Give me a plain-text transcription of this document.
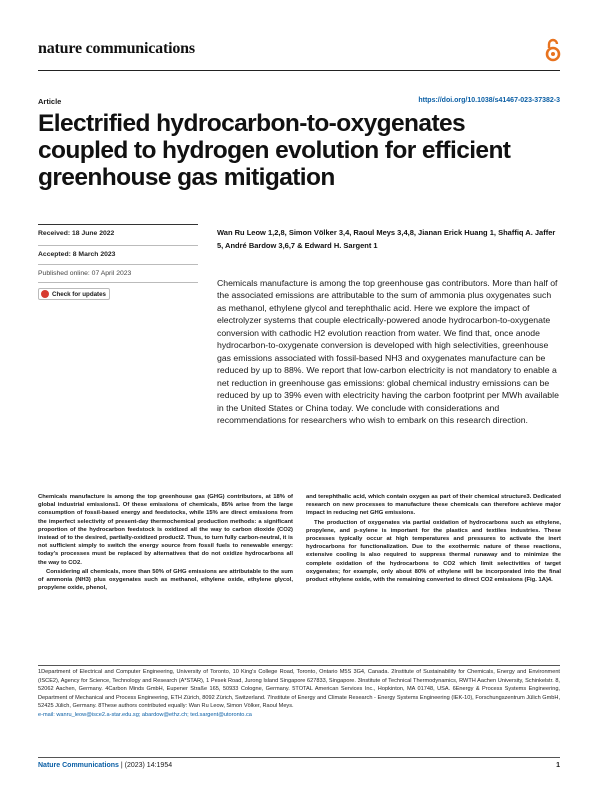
nature communications
Article	https://doi.org/10.1038/s41467-023-37382-3
Electrified hydrocarbon-to-oxygenates coupled to hydrogen evolution for efficient greenhouse gas mitigation
Received: 18 June 2022
Accepted: 8 March 2023
Published online: 07 April 2023
Check for updates
Wan Ru Leow 1,2,8, Simon Völker 3,4, Raoul Meys 3,4,8, Jianan Erick Huang 1, Shaffiq A. Jaffer 5, André Bardow 3,6,7 & Edward H. Sargent 1
Chemicals manufacture is among the top greenhouse gas contributors. More than half of the associated emissions are attributable to the sum of ammonia plus oxygenates such as methanol, ethylene glycol and terephthalic acid. Here we explore the impact of electrolyzer systems that couple electrically-powered anode hydrocarbon-to-oxygenate conversion with cathodic H2 evolution reaction from water. We find that, once anode hydrocarbon-to-oxygenate conversion is developed with high selectivities, greenhouse gas emissions associated with fossil-based NH3 and oxygenates manufacture can be reduced by up to 88%. We report that low-carbon electricity is not mandatory to enable a net reduction in greenhouse gas emissions: global chemical industry emissions can be reduced by up to 39% even with electricity having the carbon footprint per MWh available in the United States or China today. We conclude with considerations and recommendations for researchers who wish to embark on this research direction.

Chemicals manufacture is among the top greenhouse gas (GHG) contributors, at 18% of global industrial emissions1. Of these emissions of chemicals, 85% arise from the large consumption of fossil-based energy and feedstocks, while 15% are direct emissions from the imperfect selectivity of present-day thermochemical production methods: a significant proportion of the hydrocarbon feedstock is oxidized all the way to carbon dioxide (CO2) instead of to the desired, partially-oxidized product2. Thus, to turn fully carbon-neutral, it is not sufficient simply to switch the energy source from fossil fuels to renewable energy: today's processes must be replaced by alternatives that do not oxidize hydrocarbons all the way to CO2.

Considering all chemicals, more than 50% of GHG emissions are attributable to the sum of ammonia (NH3) plus oxygenates such as methanol, ethylene oxide, ethylene glycol, propylene oxide, phenol,

and terephthalic acid, which contain oxygen as part of their chemical structure3. Dedicated research on new processes to manufacture these chemicals can therefore achieve major impact in reducing net GHG emissions.

The production of oxygenates via partial oxidation of hydrocarbons such as ethylene, propylene, and p-xylene is important for the plastics and textiles industries. These processes typically occur at high temperatures and pressures to activate the inert hydrocarbons for functionalization. Due to the exothermic nature of these reactions, extensive cooling is also required to suppress thermal runaway and to minimize the complete oxidation of the hydrocarbons to CO2 which limit selectivities of target oxygenates; for example, only about 80% of ethylene will be incorporated into the final product ethylene oxide, with the remaining converted to direct CO2 emissions (Fig. 1A)4.

1Department of Electrical and Computer Engineering, University of Toronto, 10 King's College Road, Toronto, Ontario M5S 3G4, Canada. 2Institute of Sustainability for Chemicals, Energy and Environment (ISCE2), Agency for Science, Technology and Research (A*STAR), 1 Pesek Road, Jurong Island Singapore 627833, Singapore. 3Institute of Technical Thermodynamics, RWTH Aachen University, Schinkelstr. 8, 52062 Aachen, Germany. 4Carbon Minds GmbH, Eupener Straße 165, 50933 Cologne, Germany. 5TOTAL American Services Inc., Hopkinton, MA 01748, USA. 6Energy & Process Systems Engineering, Department of Mechanical and Process Engineering, ETH Zürich, 8092 Zürich, Switzerland. 7Institute of Energy and Climate Research - Energy Systems Engineering (IEK-10), Forschungszentrum Jülich GmbH, 52425 Jülich, Germany. 8These authors contributed equally: Wan Ru Leow, Simon Völker, Raoul Meys.
e-mail: wanru_leow@isce2.a-star.edu.sg; abardow@ethz.ch; ted.sargent@utoronto.ca
Nature Communications | (2023) 14:1954	1
